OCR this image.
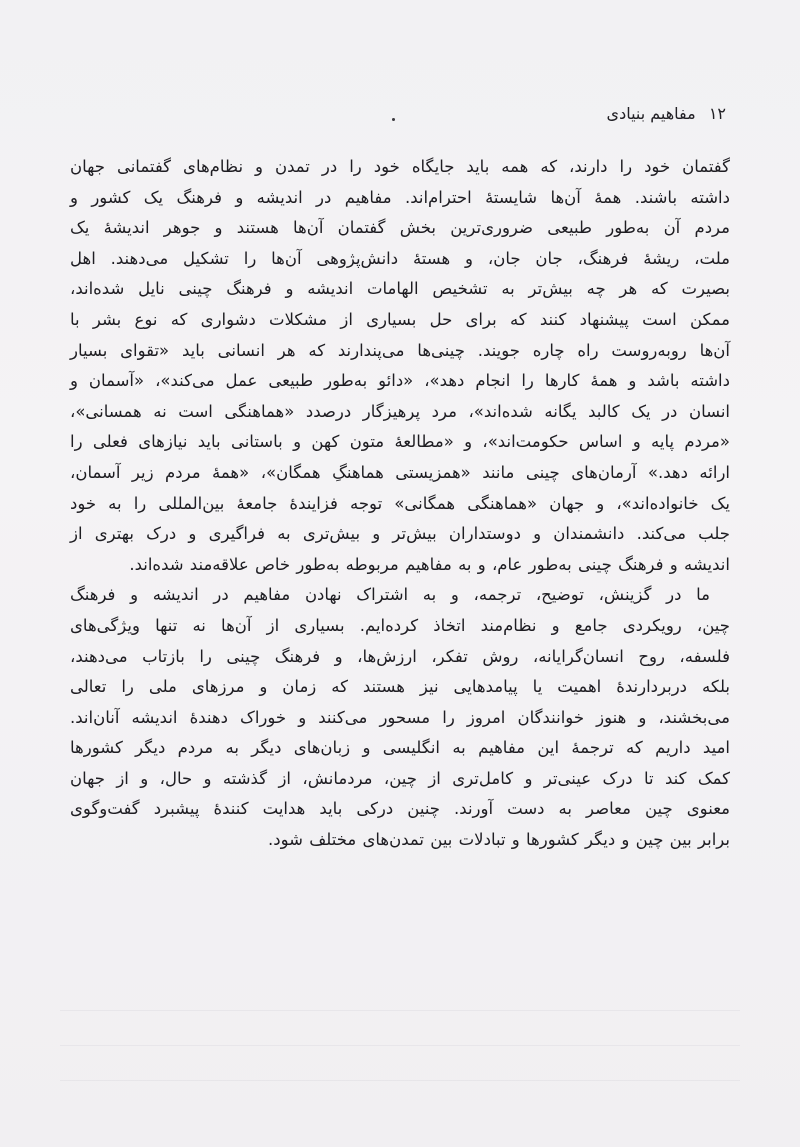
۱۲ مفاهیم بنیادی
گفتمان خود را دارند، که همه باید جایگاه خود را در تمدن و نظام‌های گفتمانی جهان
داشته باشند. همهٔ آن‌ها شایستهٔ احترام‌اند. مفاهیم در اندیشه و فرهنگ یک کشور و
مردم آن به‌طور طبیعی ضروری‌ترین بخش گفتمان آن‌ها هستند و جوهر اندیشهٔ یک
ملت، ریشهٔ فرهنگ، جان جان، و هستهٔ دانش‌پژوهی آن‌ها را تشکیل می‌دهند. اهل
بصیرت که هر چه بیش‌تر به تشخیص الهامات اندیشه و فرهنگ چینی نایل شده‌اند،
ممکن است پیشنهاد کنند که برای حل بسیاری از مشکلات دشواری که نوع بشر با
آن‌ها روبه‌روست راه چاره جویند. چینی‌ها می‌پندارند که هر انسانی باید «تقوای بسیار
داشته باشد و همهٔ کارها را انجام دهد»، «دائو به‌طور طبیعی عمل می‌کند»، «آسمان و
انسان در یک کالبد یگانه شده‌اند»، مرد پرهیزگار درصدد «هماهنگی است نه همسانی»،
«مردم پایه و اساس حکومت‌اند»، و «مطالعهٔ متون کهن و باستانی باید نیازهای فعلی را
ارائه دهد.» آرمان‌های چینی مانند «همزیستی هماهنگِ همگان»، «همهٔ مردم زیر آسمان،
یک خانواده‌اند»، و جهان «هماهنگی همگانی» توجه فزایندهٔ جامعهٔ بین‌المللی را به خود
جلب می‌کند. دانشمندان و دوستداران بیش‌تر و بیش‌تری به فراگیری و درک بهتری از
اندیشه و فرهنگ چینی به‌طور عام، و به مفاهیم مربوطه به‌طور خاص علاقه‌مند شده‌اند.
ما در گزینش، توضیح، ترجمه، و به اشتراک نهادن مفاهیم در اندیشه و فرهنگ
چین، رویکردی جامع و نظام‌مند اتخاذ کرده‌ایم. بسیاری از آن‌ها نه تنها ویژگی‌های
فلسفه، روح انسان‌گرایانه، روش تفکر، ارزش‌ها، و فرهنگ چینی را بازتاب می‌دهند،
بلکه دربردارندهٔ اهمیت یا پیامدهایی نیز هستند که زمان و مرزهای ملی را تعالی
می‌بخشند، و هنوز خوانندگان امروز را مسحور می‌کنند و خوراک دهندهٔ اندیشه آنان‌اند.
امید داریم که ترجمهٔ این مفاهیم به انگلیسی و زبان‌های دیگر به مردم دیگر کشورها
کمک کند تا درک عینی‌تر و کامل‌تری از چین، مردمانش، از گذشته و حال، و از جهان
معنوی چین معاصر به دست آورند. چنین درکی باید هدایت کنندهٔ پیشبرد گفت‌وگوی
برابر بین چین و دیگر کشورها و تبادلات بین تمدن‌های مختلف شود.
